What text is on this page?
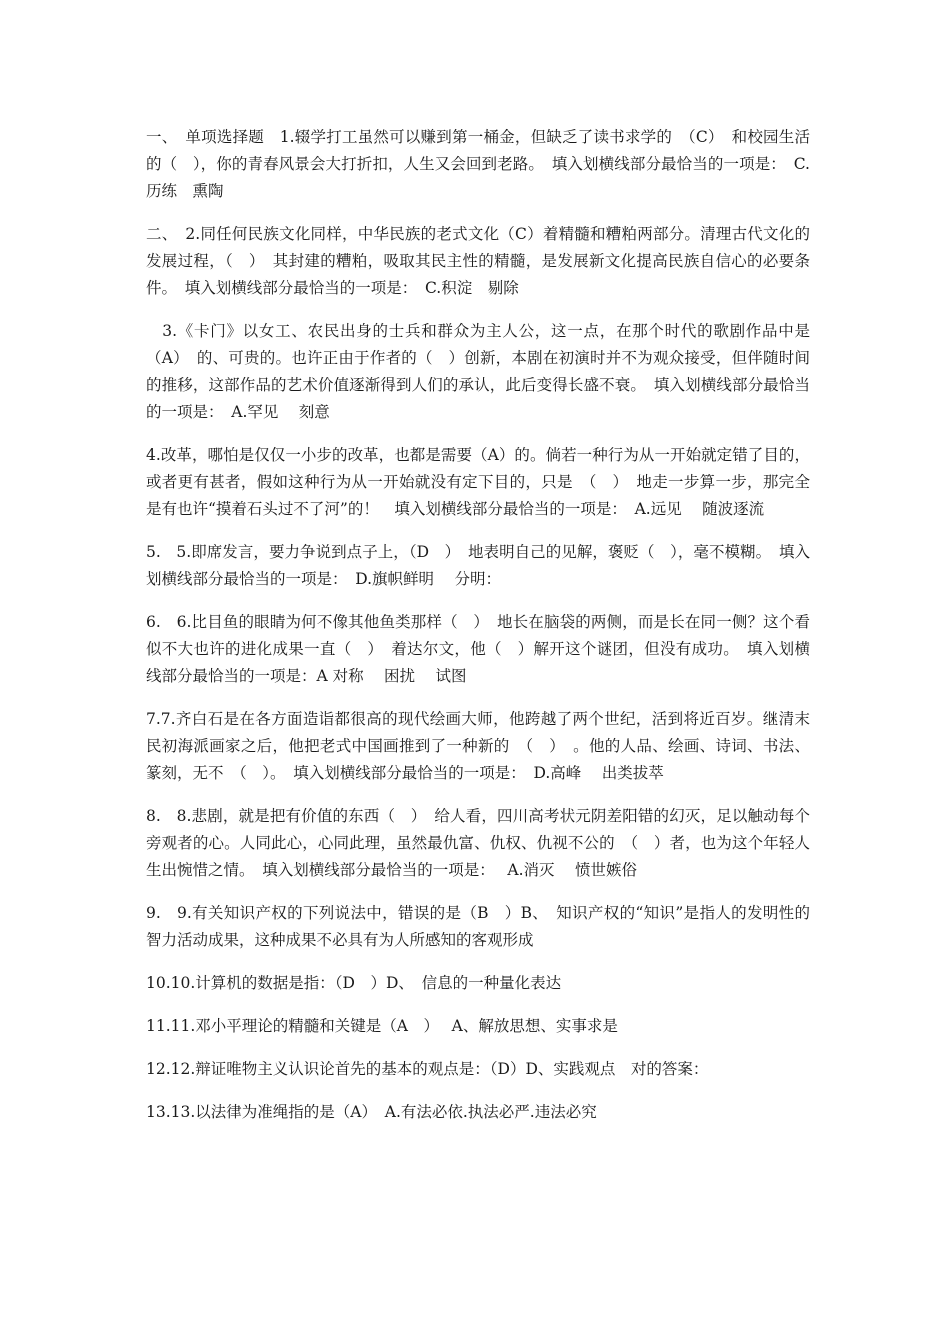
一、　单项选择题　1.辍学打工虽然可以赚到第一桶金，但缺乏了读书求学的　（C）　和校园生活的（　），你的青春风景会大打折扣，人生又会回到老路。　填入划横线部分最恰当的一项是：　C.历练　熏陶

二、　2.同任何民族文化同样，中华民族的老式文化（C）着精髓和糟粕两部分。清理古代文化的发展过程，（　）　其封建的糟粕，吸取其民主性的精髓，是发展新文化提高民族自信心的必要条件。　填入划横线部分最恰当的一项是：　C.积淀　剔除

　3.《卡门》以女工、农民出身的士兵和群众为主人公，这一点，在那个时代的歌剧作品中是（A）　的、可贵的。也许正由于作者的（　）创新，本剧在初演时并不为观众接受，但伴随时间的推移，这部作品的艺术价值逐渐得到人们的承认，此后变得长盛不衰。　填入划横线部分最恰当的一项是：　A.罕见　 刻意

4.改革，哪怕是仅仅一小步的改革，也都是需要（A）的。倘若一种行为从一开始就定错了目的，或者更有甚者，假如这种行为从一开始就没有定下目的，只是　（　）　地走一步算一步，那完全是有也许“摸着石头过不了河”的！　填入划横线部分最恰当的一项是：　A.远见　 随波逐流

5.　5.即席发言，要力争说到点子上，（D　）　地表明自己的见解，褒贬（　），毫不模糊。　填入划横线部分最恰当的一项是：　D.旗帜鲜明　 分明：

6.　6.比目鱼的眼睛为何不像其他鱼类那样（　）　地长在脑袋的两侧，而是长在同一侧？这个看似不大也许的进化成果一直（　）　着达尔文，他（　）解开这个谜团，但没有成功。　填入划横线部分最恰当的一项是：A 对称　 困扰　 试图

7.7.齐白石是在各方面造诣都很高的现代绘画大师，他跨越了两个世纪，活到将近百岁。继清末民初海派画家之后，他把老式中国画推到了一种新的　（　）　。他的人品、绘画、诗词、书法、篆刻，无不　（　）。　填入划横线部分最恰当的一项是：　D.高峰　 出类拔萃

8.　8.悲剧，就是把有价值的东西（　）　给人看，四川高考状元阴差阳错的幻灭，足以触动每个旁观者的心。人同此心，心同此理，虽然最仇富、仇权、仇视不公的　（　）者，也为这个年轻人生出惋惜之情。　填入划横线部分最恰当的一项是：　 A.消灭　 愤世嫉俗

9.　9.有关知识产权的下列说法中，错误的是（B　）B、　知识产权的“知识”是指人的发明性的智力活动成果，这种成果不必具有为人所感知的客观形成

10.10.计算机的数据是指：（D　）D、　信息的一种量化表达

11.11.邓小平理论的精髓和关键是（A　）　 A、解放思想、实事求是

12.12.辩证唯物主义认识论首先的基本的观点是：（D）D、实践观点　对的答案：

13.13.以法律为准绳指的是（A）　A.有法必依.执法必严.违法必究
